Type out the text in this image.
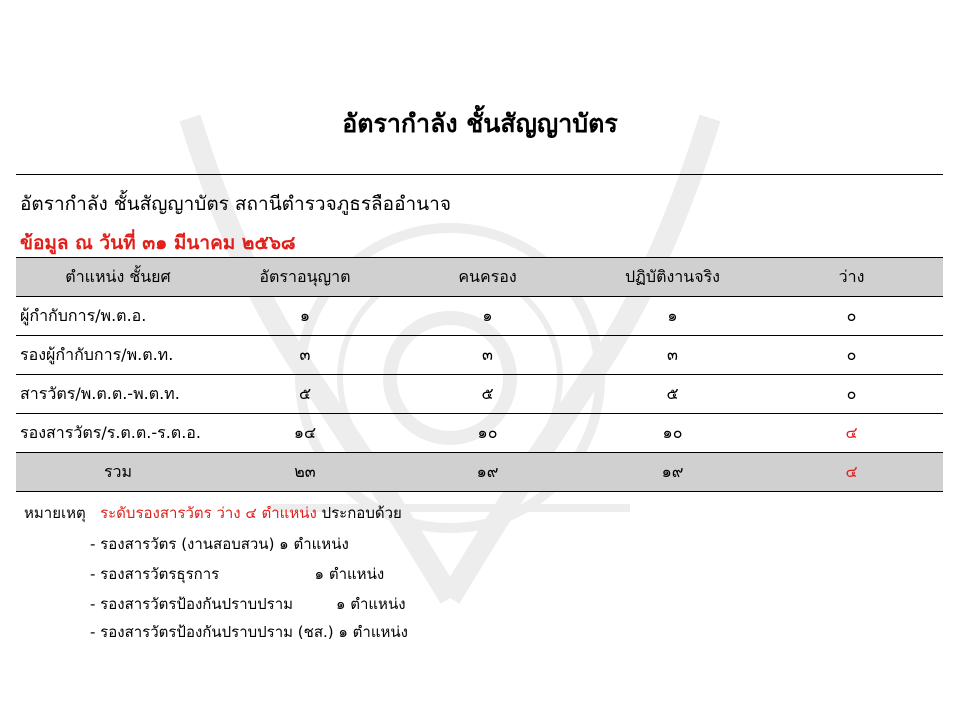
อัตรากำลัง ชั้นสัญญาบัตร
อัตรากำลัง ชั้นสัญญาบัตร สถานีตำรวจภูธรลืออำนาจ
ข้อมูล ณ วันที่ ๓๑ มีนาคม ๒๕๖๘
ตำแหน่ง ชั้นยศ	อัตราอนุญาต	คนครอง	ปฏิบัติงานจริง	ว่าง
ผู้กำกับการ/พ.ต.อ.	๑	๑	๑	๐
รองผู้กำกับการ/พ.ต.ท.	๓	๓	๓	๐
สารวัตร/พ.ต.ต.-พ.ต.ท.	๕	๕	๕	๐
รองสารวัตร/ร.ต.ต.-ร.ต.อ.	๑๔	๑๐	๑๐	๔
รวม	๒๓	๑๙	๑๙	๔
หมายเหตุ ระดับรองสารวัตร ว่าง ๔ ตำแหน่ง ประกอบด้วย
- รองสารวัตร (งานสอบสวน) ๑ ตำแหน่ง
- รองสารวัตรธุรการ                    ๑ ตำแหน่ง
- รองสารวัตรป้องกันปราบปราม         ๑ ตำแหน่ง
- รองสารวัตรป้องกันปราบปราม (ชส.) ๑ ตำแหน่ง
